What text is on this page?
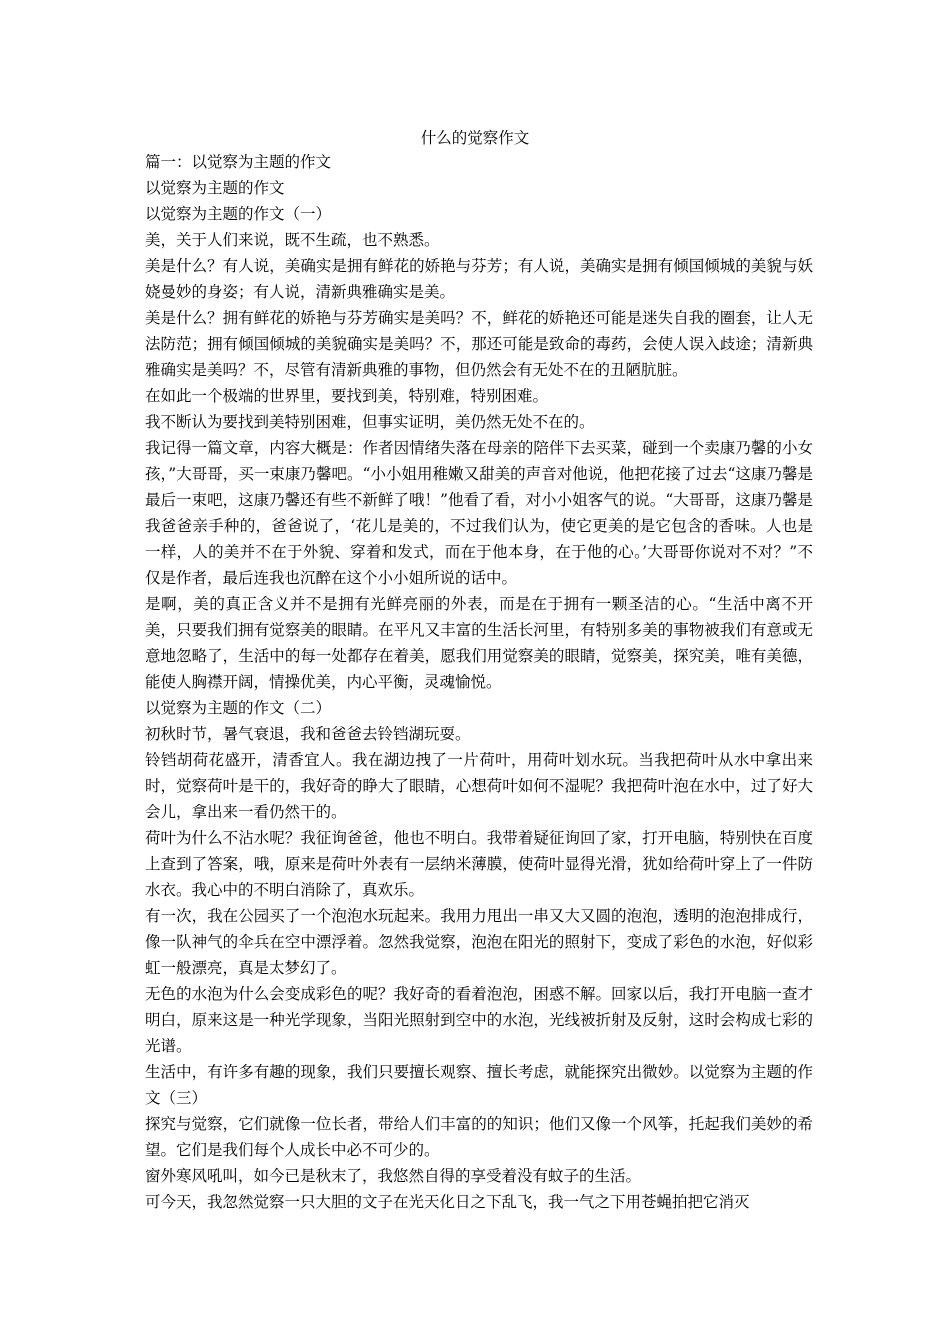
什么的觉察作文

篇一：以觉察为主题的作文

以觉察为主题的作文

以觉察为主题的作文（一）

美，关于人们来说，既不生疏，也不熟悉。

美是什么？有人说，美确实是拥有鲜花的娇艳与芬芳；有人说，美确实是拥有倾国倾城的美貌与妖娆曼妙的身姿；有人说，清新典雅确实是美。

美是什么？拥有鲜花的娇艳与芬芳确实是美吗？不，鲜花的娇艳还可能是迷失自我的圈套，让人无法防范；拥有倾国倾城的美貌确实是美吗？不，那还可能是致命的毒药，会使人误入歧途；清新典雅确实是美吗？不，尽管有清新典雅的事物，但仍然会有无处不在的丑陋肮脏。

在如此一个极端的世界里，要找到美，特别难，特别困难。

我不断认为要找到美特别困难，但事实证明，美仍然无处不在的。

我记得一篇文章，内容大概是：作者因情绪失落在母亲的陪伴下去买菜，碰到一个卖康乃馨的小女孩，”大哥哥，买一束康乃馨吧。“小小姐用稚嫩又甜美的声音对他说，他把花接了过去“这康乃馨是最后一束吧，这康乃馨还有些不新鲜了哦！”他看了看，对小小姐客气的说。“大哥哥，这康乃馨是我爸爸亲手种的，爸爸说了，‘花儿是美的，不过我们认为，使它更美的是它包含的香味。人也是一样，人的美并不在于外貌、穿着和发式，而在于他本身，在于他的心。’大哥哥你说对不对？”不仅是作者，最后连我也沉醉在这个小小姐所说的话中。

是啊，美的真正含义并不是拥有光鲜亮丽的外表，而是在于拥有一颗圣洁的心。“生活中离不开美，只要我们拥有觉察美的眼睛。在平凡又丰富的生活长河里，有特别多美的事物被我们有意或无意地忽略了，生活中的每一处都存在着美，愿我们用觉察美的眼睛，觉察美，探究美，唯有美德，能使人胸襟开阔，情操优美，内心平衡，灵魂愉悦。

以觉察为主题的作文（二）

初秋时节，暑气衰退，我和爸爸去铃铛湖玩耍。

铃铛胡荷花盛开，清香宜人。我在湖边拽了一片荷叶，用荷叶划水玩。当我把荷叶从水中拿出来时，觉察荷叶是干的，我好奇的睁大了眼睛，心想荷叶如何不湿呢？我把荷叶泡在水中，过了好大会儿，拿出来一看仍然干的。

荷叶为什么不沾水呢？我征询爸爸，他也不明白。我带着疑征询回了家，打开电脑，特别快在百度上查到了答案，哦，原来是荷叶外表有一层纳米薄膜，使荷叶显得光滑，犹如给荷叶穿上了一件防水衣。我心中的不明白消除了，真欢乐。

有一次，我在公园买了一个泡泡水玩起来。我用力甩出一串又大又圆的泡泡，透明的泡泡排成行，像一队神气的伞兵在空中漂浮着。忽然我觉察，泡泡在阳光的照射下，变成了彩色的水泡，好似彩虹一般漂亮，真是太梦幻了。

无色的水泡为什么会变成彩色的呢？我好奇的看着泡泡，困惑不解。回家以后，我打开电脑一查才明白，原来这是一种光学现象，当阳光照射到空中的水泡，光线被折射及反射，这时会构成七彩的光谱。

生活中，有许多有趣的现象，我们只要擅长观察、擅长考虑，就能探究出微妙。以觉察为主题的作文（三）

探究与觉察，它们就像一位长者，带给人们丰富的的知识；他们又像一个风筝，托起我们美妙的希望。它们是我们每个人成长中必不可少的。

窗外寒风吼叫，如今已是秋末了，我悠然自得的享受着没有蚊子的生活。

可今天，我忽然觉察一只大胆的文子在光天化日之下乱飞，我一气之下用苍蝇拍把它消灭
